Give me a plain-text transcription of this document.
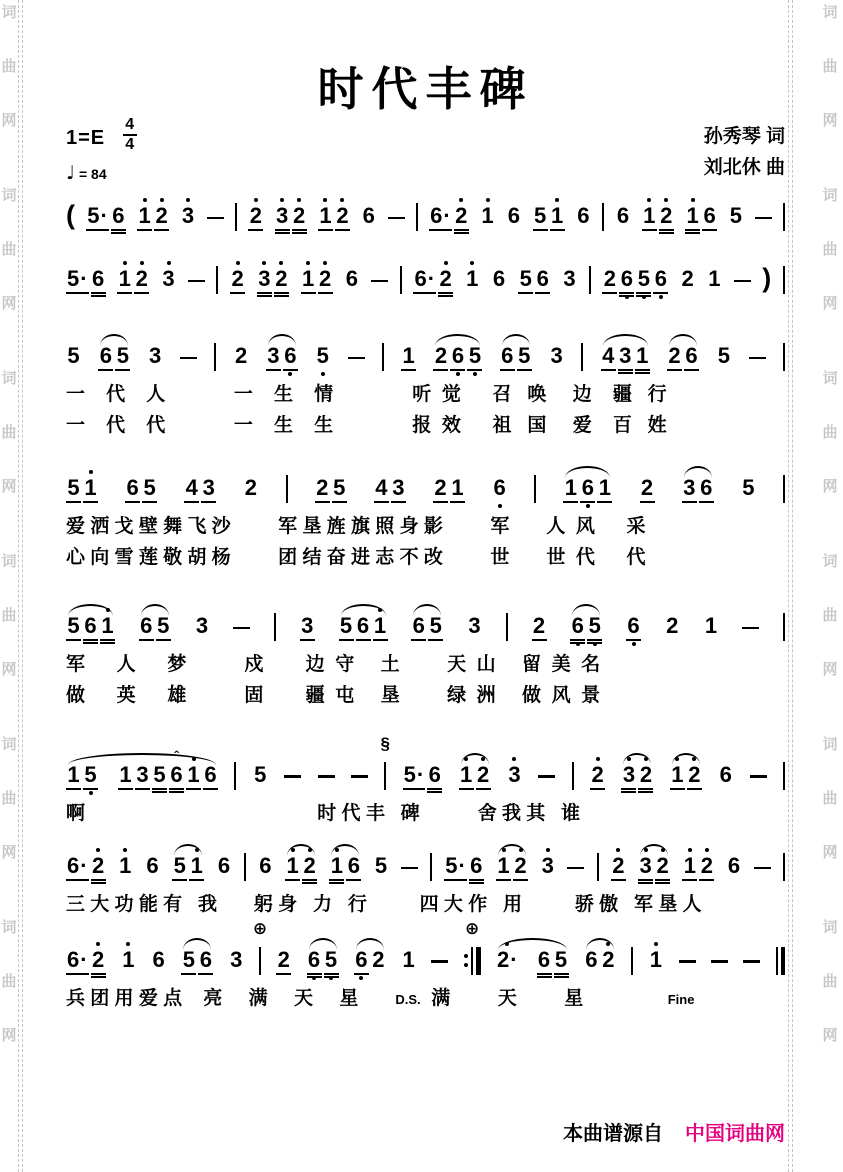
词
曲
网
词
曲
网
词
曲
网
词
曲
网
词
曲
网
词
曲
网
词
曲
网
词
曲
网
词
曲
网
词
曲
网
词
曲
网
词
曲
网
时代丰碑
$1=E \frac{4}{4}$
♩ = 84
孙秀琴 词
刘北休 曲
( 5· 6 1 2 3	2 3 2 1 2 6	6· 2 1 6 5 1 6 6 1 2 1 6 5
5· 6 1 2 3	2 3 2 1 2 6	6· 2 1 6 5 6 3 2 6 5 6 2 1 )
5 6 5 3	2 3 6 5	1 2 6 5 6 5 3 4 3 1 2 6 5
一    代    人             一    生    情               听  觉      召   唤     边    疆   行
一    代    代             一    生    生               报  效      祖   国     爱    百   姓
5 1 6 5 4 3 2	2 5 4 3 2 1 6	1 6 1 2 3 6 5
爱 洒 戈 壁 舞 飞 沙         军 垦 旌 旗 照 身 影         军       人  风      采
心 向 雪 莲 敬 胡 杨         团 结 奋 进 志 不 改         世       世  代      代
5 6 1 6 5 3	3 5 6 1 6 5 3 2 6 5 6 2 1
军      人      梦           戍        边  守     土         天  山     留  美  名
做      英      雄           固        疆  屯     垦         绿  洲     做  风  景
1 5 1 3 5
ˆ
6 1 6 5
§
5· 6 1 2 3	2 3 2 1 2 6
啊                                            时 代 丰   碑           舍 我 其   谁
6· 2 1 6 5 1 6 6 1 2 1 6 5	5· 6 1 2 3	2 3 2 1 2 6
三 大 功 能 有   我       躬 身   力   行          四 大 作   用          骄 傲   军 垦 人
6· 2 1 6 5 6 3
⊕
2 6 5 6 2 1
⊕
2· 6 5 6 2 1
兵 团 用 爱 点    亮     满     天     星 D.S. 满         天         星 Fine
本曲谱源自 中国词曲网
